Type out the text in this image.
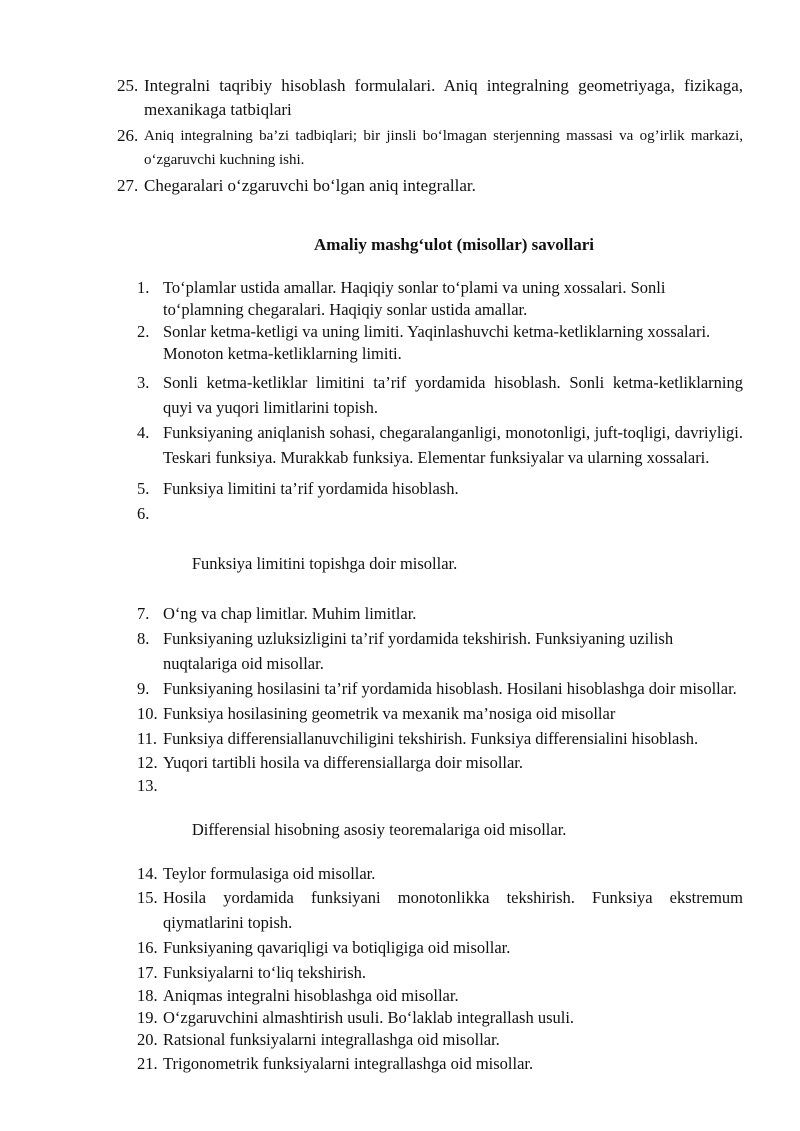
25. Integralni taqribiy hisoblash formulalari. Aniq integralning geometriyaga, fizikaga, mexanikaga tatbiqlari
26. Aniq integralning ba’zi tadbiqlari; bir jinsli bo‘lmagan sterjenning massasi va og’irlik markazi, o‘zgaruvchi kuchning ishi.
27. Chegaralari o‘zgaruvchi bo‘lgan aniq integrallar.
Amaliy mashg‘ulot (misollar) savollari
1. To‘plamlar ustida amallar. Haqiqiy sonlar to‘plami va uning xossalari. Sonli to‘plamning chegaralari. Haqiqiy sonlar ustida amallar.
2. Sonlar ketma-ketligi va uning limiti. Yaqinlashuvchi ketma-ketliklarning xossalari. Monoton ketma-ketliklarning limiti.
3. Sonli ketma-ketliklar limitini ta’rif yordamida hisoblash. Sonli ketma-ketliklarning quyi va yuqori limitlarini topish.
4. Funksiyaning aniqlanish sohasi, chegaralanganligi, monotonligi, juft-toqligi, davriyligi. Teskari funksiya. Murakkab funksiya. Elementar funksiyalar va ularning xossalari.
5. Funksiya limitini ta’rif yordamida hisoblash.

6.

Funksiya limitini topishga doir misollar.

7. O‘ng va chap limitlar. Muhim limitlar.
8. Funksiyaning uzluksizligini ta’rif yordamida tekshirish. Funksiyaning uzilish nuqtalariga oid misollar.
9. Funksiyaning hosilasini ta’rif yordamida hisoblash. Hosilani hisoblashga doir misollar.
10. Funksiya hosilasining geometrik va mexanik ma’nosiga oid misollar
11. Funksiya differensiallanuvchiligini tekshirish. Funksiya differensialini hisoblash.
12. Yuqori tartibli hosila va differensiallarga doir misollar.

13.

Differensial hisobning asosiy teoremalariga oid misollar.

14. Teylor formulasiga oid misollar.
15. Hosila yordamida funksiyani monotonlikka tekshirish. Funksiya ekstremum qiymatlarini topish.
16. Funksiyaning qavariqligi va botiqligiga oid misollar.
17. Funksiyalarni to‘liq tekshirish.
18. Aniqmas integralni hisoblashga oid misollar.
19. O‘zgaruvchini almashtirish usuli. Bo‘laklab integrallash usuli.
20. Ratsional funksiyalarni integrallashga oid misollar.
21. Trigonometrik funksiyalarni integrallashga oid misollar.
